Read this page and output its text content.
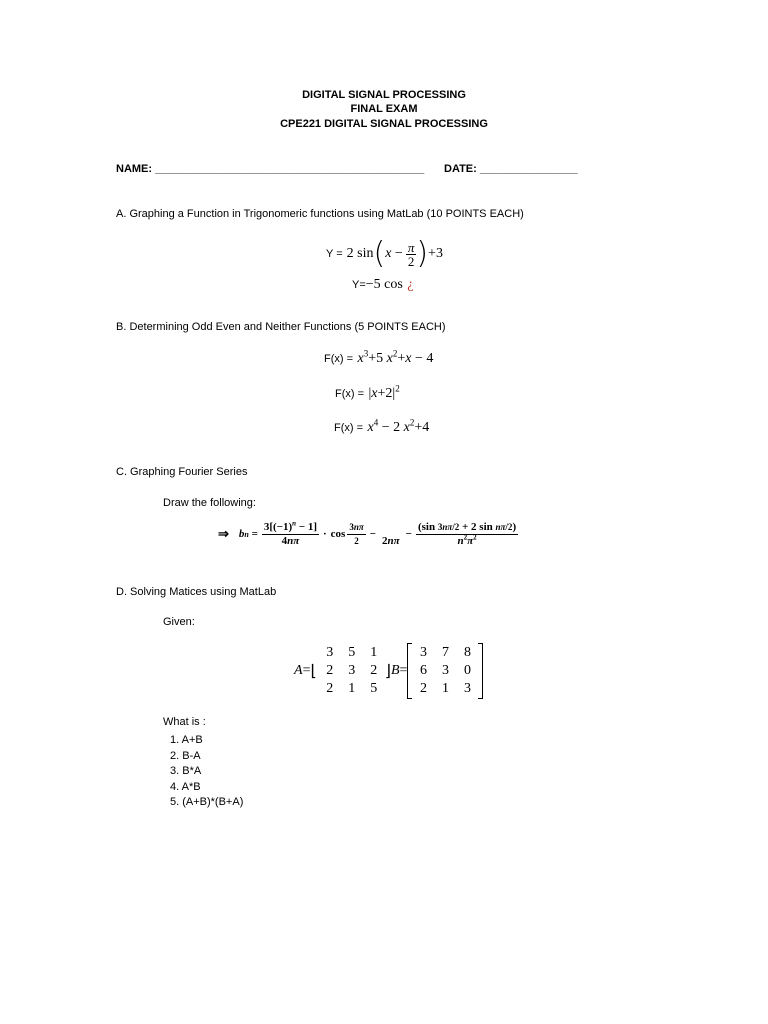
DIGITAL SIGNAL PROCESSING
FINAL EXAM
CPE221 DIGITAL SIGNAL PROCESSING
NAME: ____________________________________________ DATE: ________________
A. Graphing a Function in Trigonomeric functions using MatLab (10 POINTS EACH)
Y = 2 sin ( $x - \frac{\pi}{2}$ ) +3
Y=−5 cos ¿
B. Determining Odd Even and Neither Functions (5 POINTS EACH)
$F(x) = x^3+5$ $x^2+x - 4$
$F(x) = |x+2|^2$
$F(x) = x^4 - 2$ $x^2+4$
C. Graphing Fourier Series
Draw the following:
⇒ bn = $\frac{3[(-1)^n - 1]}{4n\pi} \cdot \cos \frac{3n\pi}{2}$ −
2nπ
− $\frac{\text{(sin 3nπ/2 + 2 sin nπ/2)}}{n^2\pi^2}$
D. Solving Matices using MatLab
Given:
A= ⌊
3	5	1
2	3	2
2	1	5
⌋ B=
3	7	8
6	3	0
2	1	3
What is :
1. A+B
2. B-A
3. B*A
4. A*B
5. (A+B)*(B+A)
